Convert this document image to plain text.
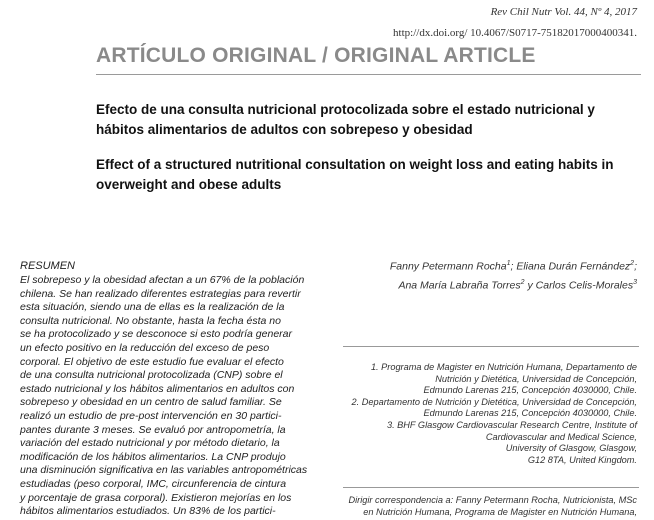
Rev Chil Nutr Vol. 44, Nº 4, 2017
http://dx.doi.org/ 10.4067/S0717-75182017000400341.
ARTÍCULO ORIGINAL / ORIGINAL ARTICLE
Efecto de una consulta nutricional protocolizada sobre el estado nutricional y hábitos alimentarios de adultos con sobrepeso y obesidad
Effect of a structured nutritional consultation on weight loss and eating habits in overweight and obese adults
RESUMEN
El sobrepeso y la obesidad afectan a un 67% de la población
chilena. Se han realizado diferentes estrategias para revertir
esta situación, siendo una de ellas es la realización de la
consulta nutricional. No obstante, hasta la fecha ésta no
se ha protocolizado y se desconoce si esto podría generar
un efecto positivo en la reducción del exceso de peso
corporal. El objetivo de este estudio fue evaluar el efecto
de una consulta nutricional protocolizada (CNP) sobre el
estado nutricional y los hábitos alimentarios en adultos con
sobrepeso y obesidad en un centro de salud familiar. Se
realizó un estudio de pre-post intervención en 30 partici-
pantes durante 3 meses. Se evaluó por antropometría, la
variación del estado nutricional y por método dietario, la
modificación de los hábitos alimentarios. La CNP produjo
una disminución significativa en las variables antropométricas
estudiadas (peso corporal, IMC, circunferencia de cintura
y porcentaje de grasa corporal). Existieron mejorías en los
hábitos alimentarios estudiados. Un 83% de los partici-
Fanny Petermann Rocha$^1$; Eliana Durán Fernández$^2$;
Ana María Labraña Torres$^2$ y Carlos Celis-Morales$^3$
1. Programa de Magister en Nutrición Humana, Departamento de
Nutrición y Dietética, Universidad de Concepción,
Edmundo Larenas 215, Concepción 4030000, Chile.
2. Departamento de Nutrición y Dietética, Universidad de Concepción,
Edmundo Larenas 215, Concepción 4030000, Chile.
3. BHF Glasgow Cardiovascular Research Centre, Institute of
Cardiovascular and Medical Science,
University of Glasgow, Glasgow,
G12 8TA, United Kingdom.
Dirigir correspondencia a: Fanny Petermann Rocha, Nutricionista, MSc
en Nutrición Humana, Programa de Magister en Nutrición Humana,
